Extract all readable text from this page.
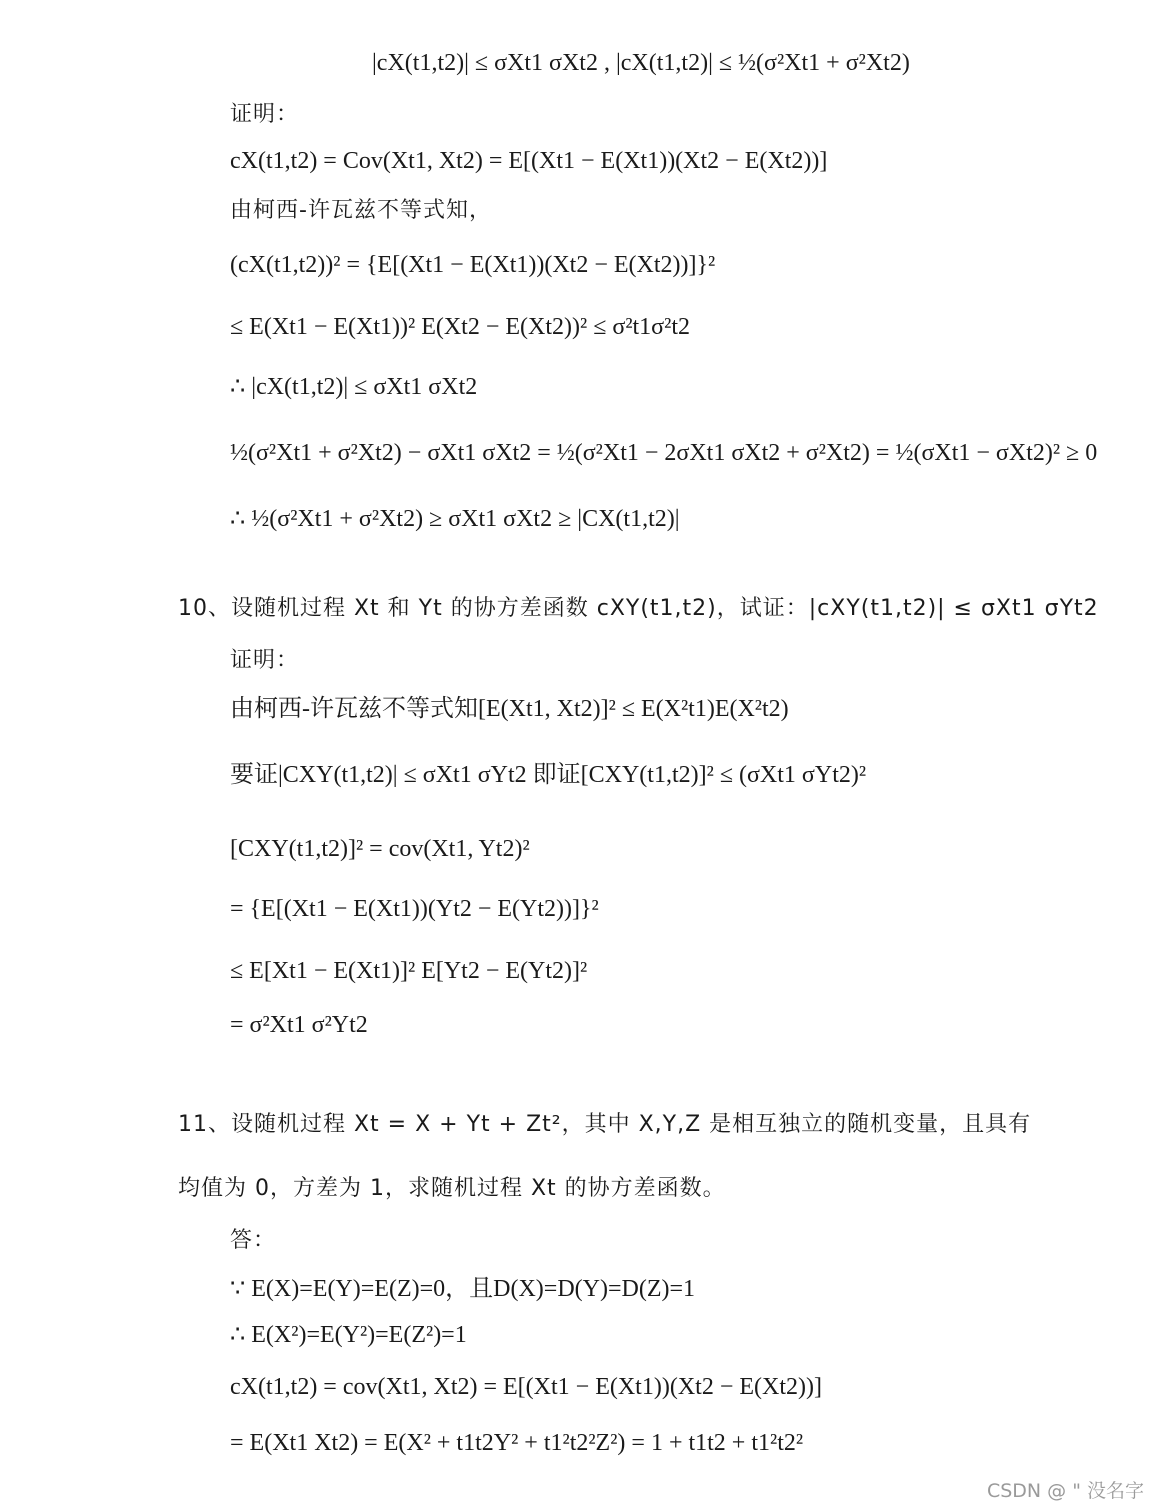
|cX(t1,t2)| ≤ σXt1 σXt2 , |cX(t1,t2)| ≤ ½(σ²Xt1 + σ²Xt2)
证明：
cX(t1,t2) = Cov(Xt1, Xt2) = E[(Xt1 − E(Xt1))(Xt2 − E(Xt2))]
由柯西-许瓦兹不等式知，
(cX(t1,t2))² = {E[(Xt1 − E(Xt1))(Xt2 − E(Xt2))]}²
≤ E(Xt1 − E(Xt1))² E(Xt2 − E(Xt2))² ≤ σ²t1σ²t2
∴ |cX(t1,t2)| ≤ σXt1 σXt2
½(σ²Xt1 + σ²Xt2) − σXt1 σXt2 = ½(σ²Xt1 − 2σXt1 σXt2 + σ²Xt2) = ½(σXt1 − σXt2)² ≥ 0
∴ ½(σ²Xt1 + σ²Xt2) ≥ σXt1 σXt2 ≥ |CX(t1,t2)|
10、设随机过程 Xt 和 Yt 的协方差函数 cXY(t1,t2)，试证：|cXY(t1,t2)| ≤ σXt1 σYt2
证明：
由柯西-许瓦兹不等式知[E(Xt1, Xt2)]² ≤ E(X²t1)E(X²t2)
要证|CXY(t1,t2)| ≤ σXt1 σYt2 即证[CXY(t1,t2)]² ≤ (σXt1 σYt2)²
[CXY(t1,t2)]² = cov(Xt1, Yt2)²
= {E[(Xt1 − E(Xt1))(Yt2 − E(Yt2))]}²
≤ E[Xt1 − E(Xt1)]² E[Yt2 − E(Yt2)]²
= σ²Xt1 σ²Yt2
11、设随机过程 Xt = X + Yt + Zt²，其中 X,Y,Z 是相互独立的随机变量，且具有
均值为 0，方差为 1，求随机过程 Xt 的协方差函数。
答：
∵ E(X)=E(Y)=E(Z)=0，且D(X)=D(Y)=D(Z)=1
∴ E(X²)=E(Y²)=E(Z²)=1
cX(t1,t2) = cov(Xt1, Xt2) = E[(Xt1 − E(Xt1))(Xt2 − E(Xt2))]
= E(Xt1 Xt2) = E(X² + t1t2Y² + t1²t2²Z²) = 1 + t1t2 + t1²t2²
CSDN @ " 没名字
